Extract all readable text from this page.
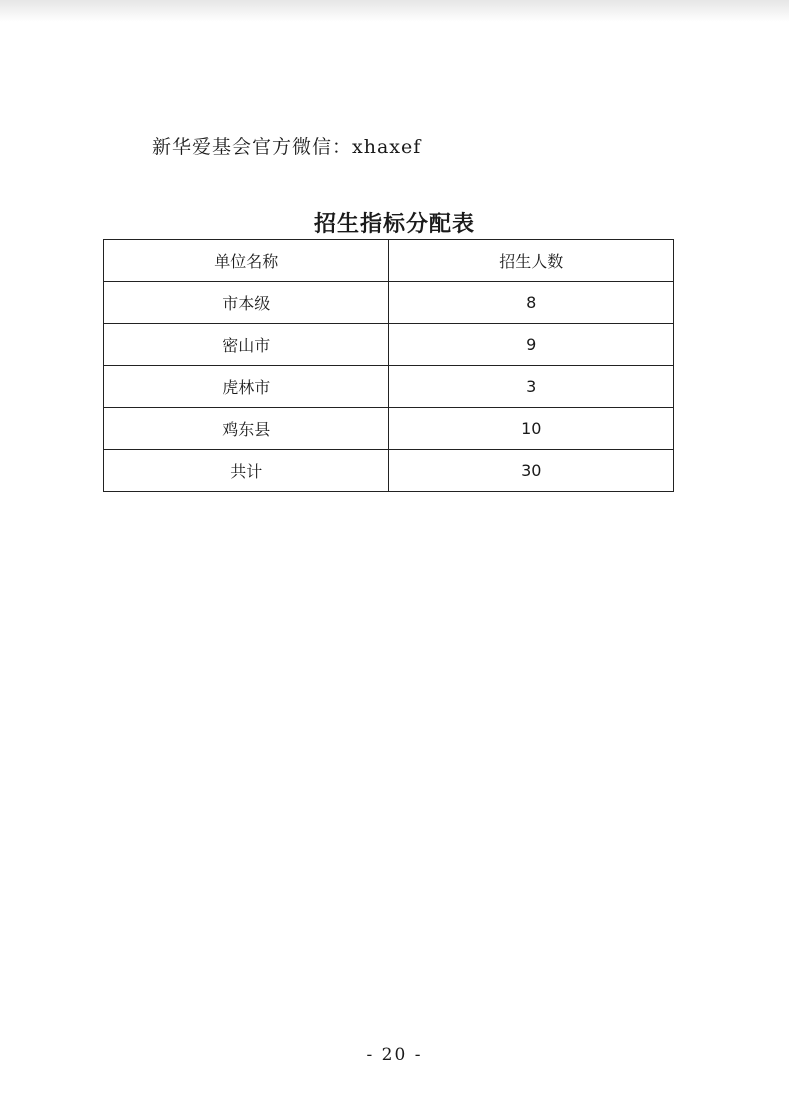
新华爱基会官方微信：xhaxef
招生指标分配表
单位名称	招生人数
市本级	8
密山市	9
虎林市	3
鸡东县	10
共计	30
- 20 -
